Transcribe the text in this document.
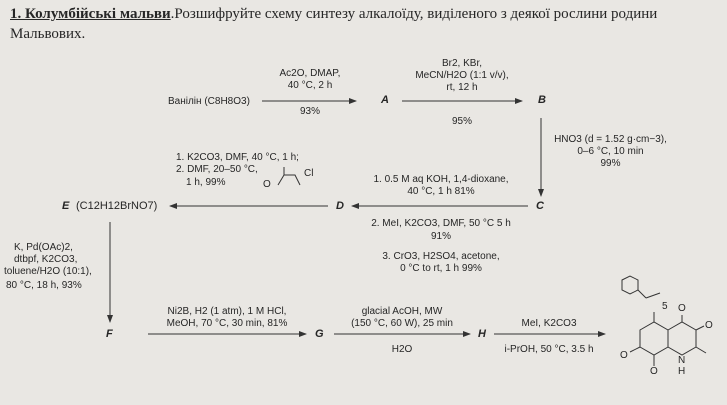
1. Колумбійські мальви.Розшифруйте схему синтезу алкалоїду, виділеного з деякої рослини родини Мальвових.
Ванілін (C8H8O3)	A	B
C
D
E (C12H12BrNO7)
F	G	H
Ac2O, DMAP,
40 °C, 2 h
93%
Br2, KBr,
MeCN/H2O (1:1 v/v),
rt, 12 h
95%
HNO3 (d = 1.52 g·cm−3),
0–6 °C, 10 min
99%
1. 0.5 M aq KOH, 1,4-dioxane,
40 °C, 1 h 81%
2. MeI, K2CO3, DMF, 50 °C 5 h
91%
3. CrO3, H2SO4, acetone,
0 °C to rt, 1 h 99%
1. K2CO3, DMF, 40 °C, 1 h;
2. DMF, 20–50 °C,
1 h, 99%	O
Cl
K, Pd(OAc)2,
dtbpf, K2CO3,
toluene/H2O (10:1),
80 °C, 18 h, 93%
Ni2B, H2 (1 atm), 1 M HCl,
MeOH, 70 °C, 30 min, 81%
glacial AcOH, MW
(150 °C, 60 W), 25 min
H2O
MeI, K2CO3
i-PrOH, 50 °C, 3.5 h
5 O
O
O
O
N
H
